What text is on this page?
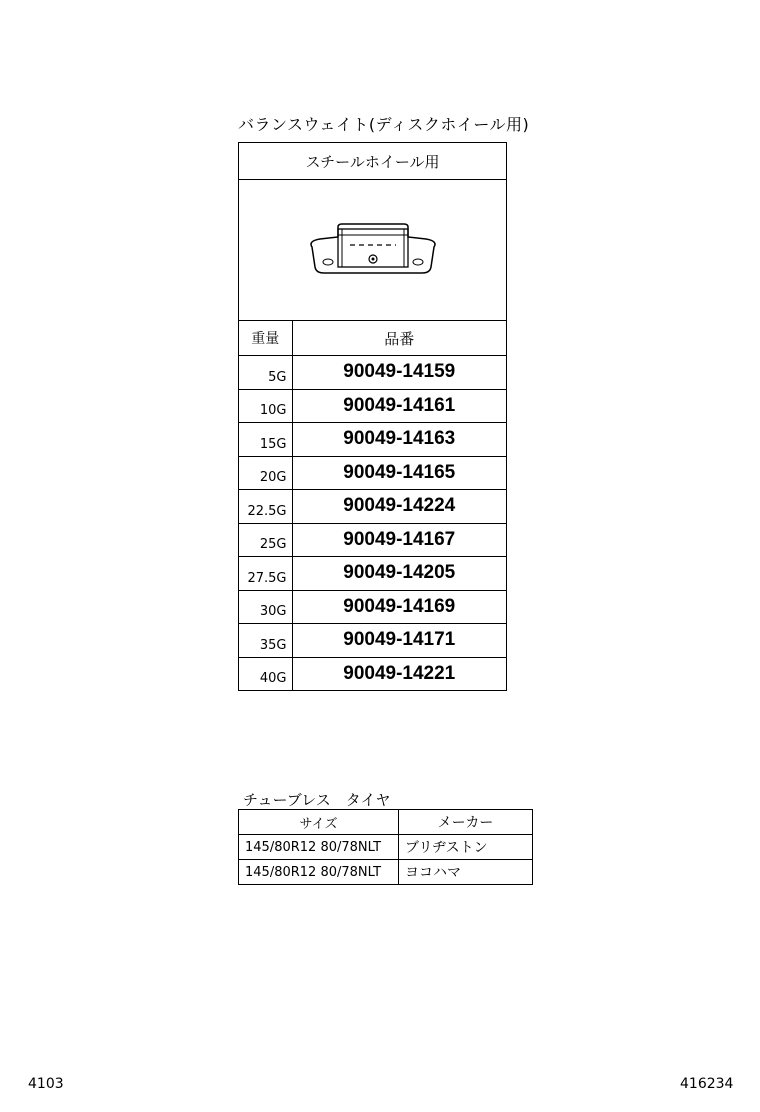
バランスウェイト(ディスクホイール用)
スチールホイール用
重量	品番
5G	90049-14159
10G	90049-14161
15G	90049-14163
20G	90049-14165
22.5G	90049-14224
25G	90049-14167
27.5G	90049-14205
30G	90049-14169
35G	90049-14171
40G	90049-14221
チューブレス　タイヤ
サイズ	メーカー
145/80R12 80/78NLT	ブリヂストン
145/80R12 80/78NLT	ヨコハマ
4103	416234
